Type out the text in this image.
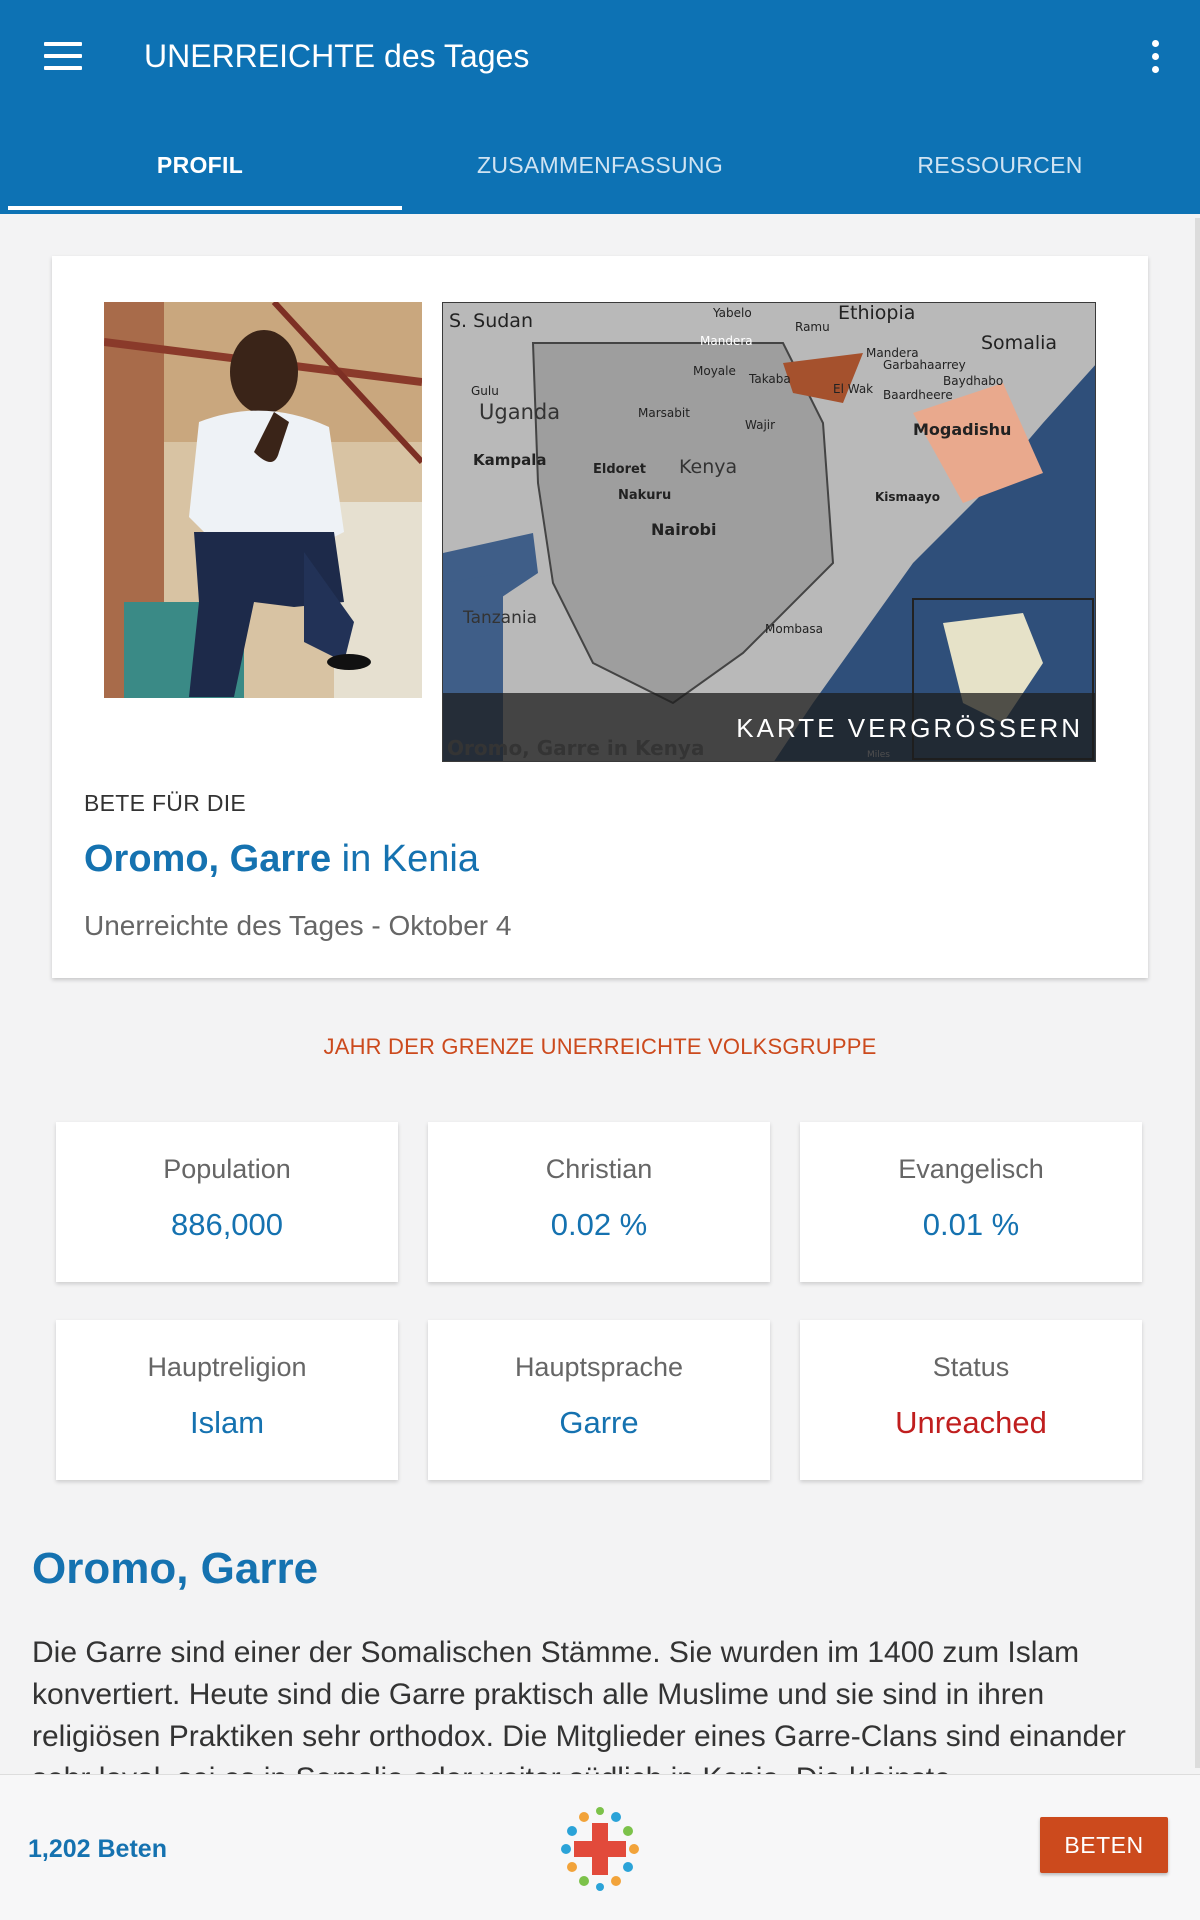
UNERREICHTE des Tages
PROFIL	ZUSAMMENFASSUNG	RESSOURCEN
S. Sudan	Ethiopia
Somalia
Uganda
Kenya
Tanzania
Yabelo
Ramu
Mandera
Mandera
Moyale
Takaba
Garbahaarrey
Baydhabo
El Wak Baardheere
Gulu
Marsabit
Wajir	Mogadishu
Kampala
Eldoret
Nakuru
Nairobi
Kismaayo
Mombasa
KARTE VERGRÖSSERN
BETE FÜR DIE
Oromo, Garre in Kenia
Unerreichte des Tages - Oktober 4
JAHR DER GRENZE UNERREICHTE VOLKSGRUPPE
Population
886,000
Christian
0.02 %
Evangelisch
0.01 %
Hauptreligion
Islam
Hauptsprache
Garre
Status
Unreached
Oromo, Garre
Die Garre sind einer der Somalischen Stämme. Sie wurden im 1400 zum Islam konvertiert. Heute sind die Garre praktisch alle Muslime und sie sind in ihren religiösen Praktiken sehr orthodox. Die Mitglieder eines Garre-Clans sind einander
1,202 Beten	BETEN
